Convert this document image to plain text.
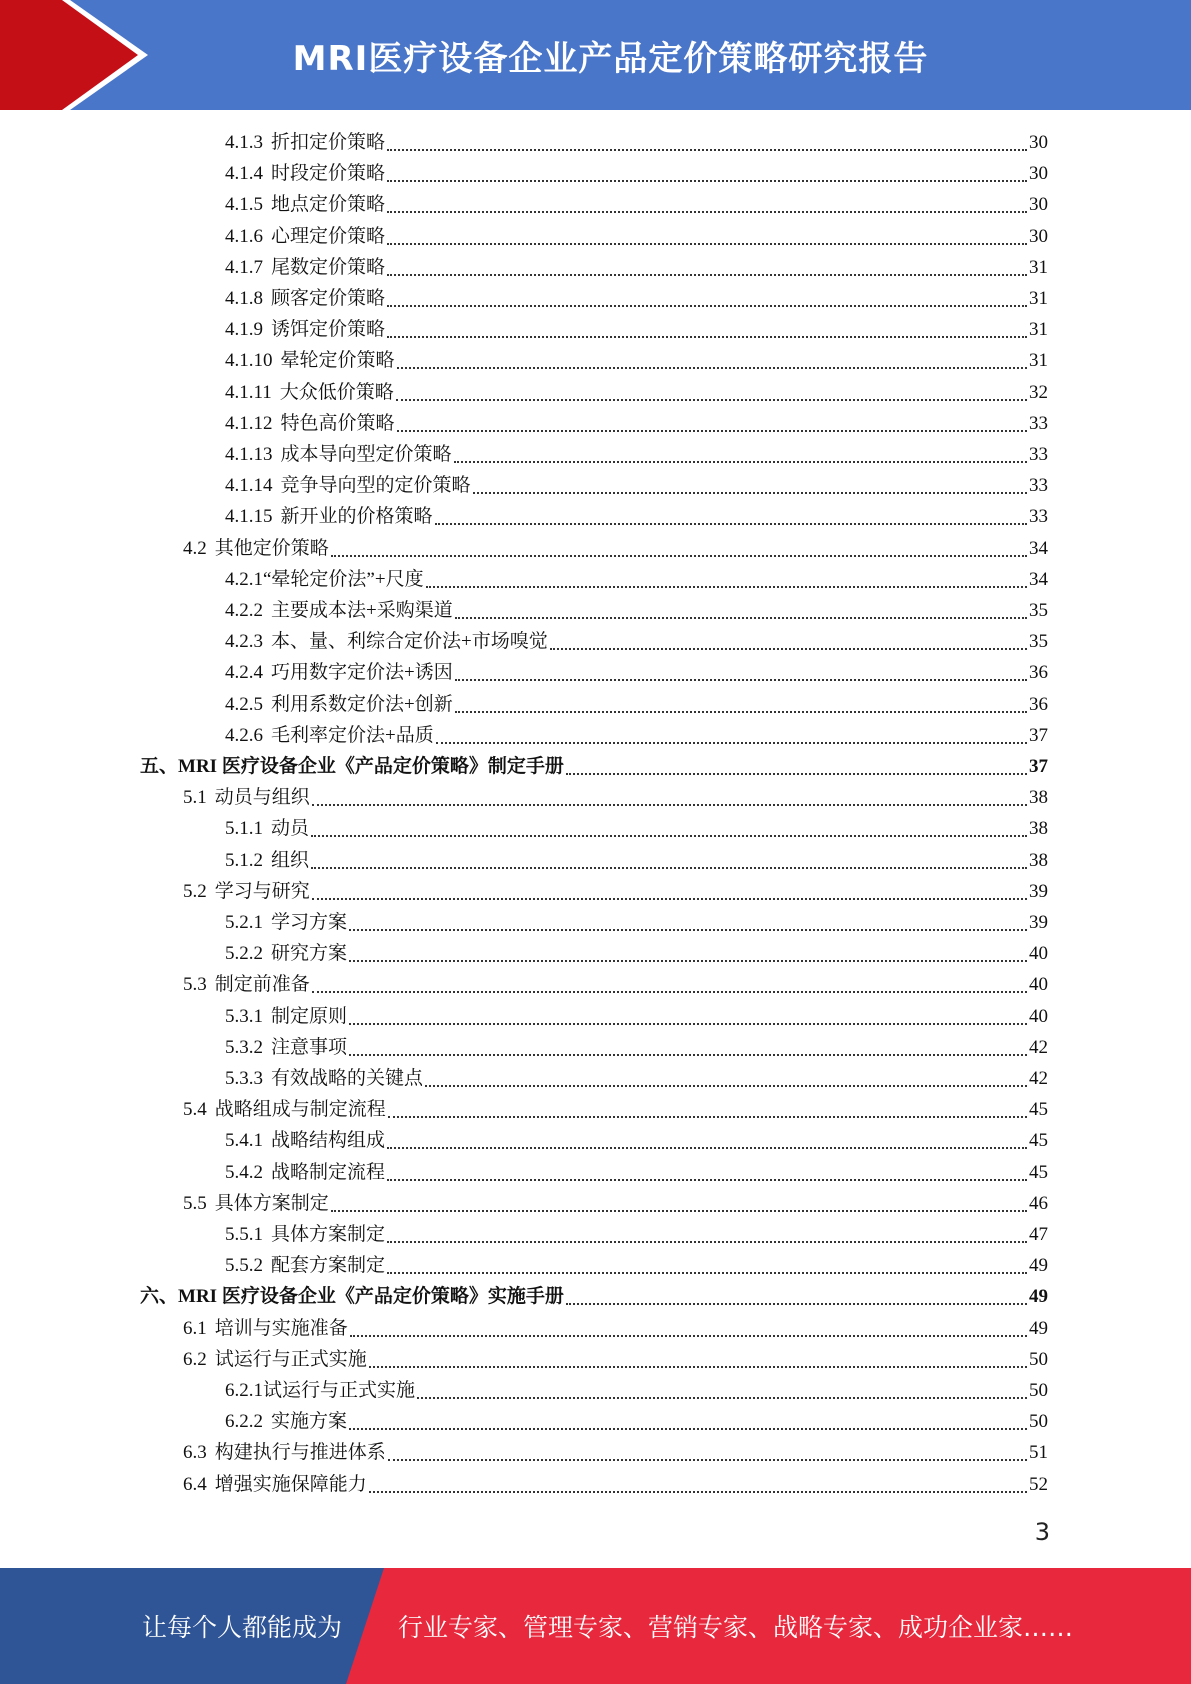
MRI医疗设备企业产品定价策略研究报告
4.1.3 折扣定价策略	30
4.1.4 时段定价策略	30
4.1.5 地点定价策略	30
4.1.6 心理定价策略	30
4.1.7 尾数定价策略	31
4.1.8 顾客定价策略	31
4.1.9 诱饵定价策略	31
4.1.10 晕轮定价策略	31
4.1.11 大众低价策略	32
4.1.12 特色高价策略	33
4.1.13 成本导向型定价策略	33
4.1.14 竞争导向型的定价策略	33
4.1.15 新开业的价格策略	33
4.2 其他定价策略	34
4.2.1 “晕轮定价法”+尺度	34
4.2.2 主要成本法+采购渠道	35
4.2.3 本、量、利综合定价法+市场嗅觉	35
4.2.4 巧用数字定价法+诱因	36
4.2.5 利用系数定价法+创新	36
4.2.6 毛利率定价法+品质	37
五、 MRI 医疗设备企业《产品定价策略》制定手册	37
5.1 动员与组织	38
5.1.1 动员	38
5.1.2 组织	38
5.2 学习与研究	39
5.2.1 学习方案	39
5.2.2 研究方案	40
5.3 制定前准备	40
5.3.1 制定原则	40
5.3.2 注意事项	42
5.3.3 有效战略的关键点	42
5.4 战略组成与制定流程	45
5.4.1 战略结构组成	45
5.4.2 战略制定流程	45
5.5 具体方案制定	46
5.5.1 具体方案制定	47
5.5.2 配套方案制定	49
六、 MRI 医疗设备企业《产品定价策略》实施手册	49
6.1 培训与实施准备	49
6.2 试运行与正式实施	50
6.2.1 试运行与正式实施	50
6.2.2 实施方案	50
6.3 构建执行与推进体系	51
6.4 增强实施保障能力	52
3
让每个人都能成为 行业专家、管理专家、营销专家、战略专家、成功企业家……
